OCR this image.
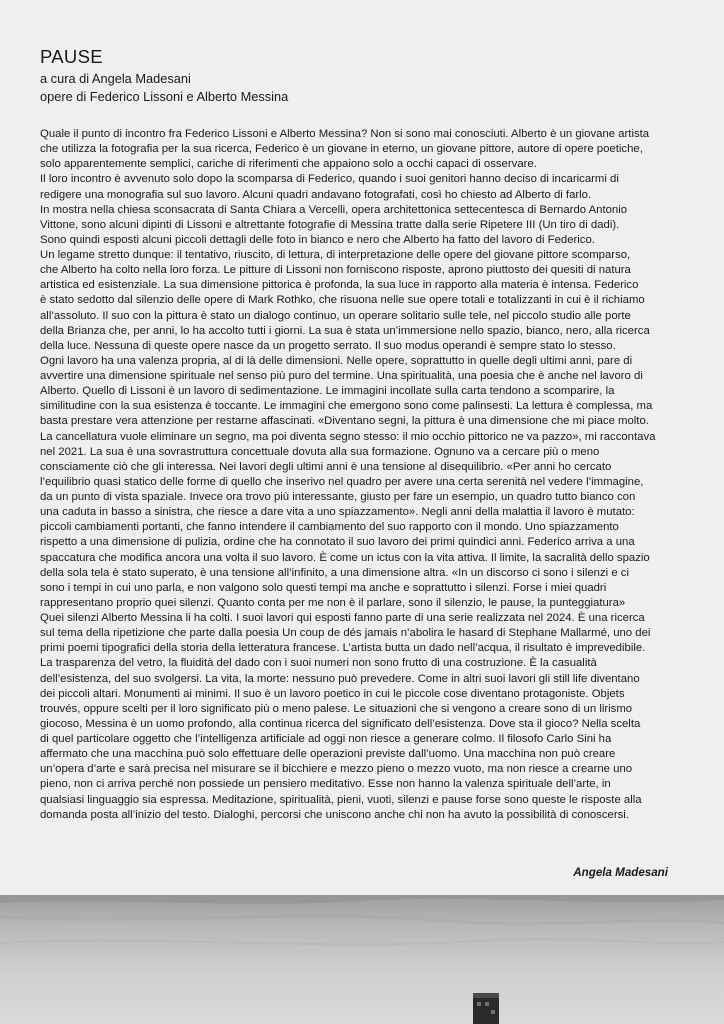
PAUSE
a cura di Angela Madesani
opere di Federico Lissoni e Alberto Messina

Quale il punto di incontro fra Federico Lissoni e Alberto Messina? Non si sono mai conosciuti. Alberto è un giovane artista

che utilizza la fotografia per la sua ricerca, Federico è un giovane in eterno, un giovane pittore, autore di opere poetiche,

solo apparentemente semplici, cariche di riferimenti che appaiono solo a occhi capaci di osservare.

Il loro incontro è avvenuto solo dopo la scomparsa di Federico, quando i suoi genitori hanno deciso di incaricarmi di

redigere una monografia sul suo lavoro. Alcuni quadri andavano fotografati, così ho chiesto ad Alberto di farlo.

In mostra nella chiesa sconsacrata di Santa Chiara a Vercelli, opera architettonica settecentesca di Bernardo Antonio

Vittone, sono alcuni dipinti di Lissoni e altrettante fotografie di Messina tratte dalla serie Ripetere III (Un tiro di dadi).

Sono quindi esposti alcuni piccoli dettagli delle foto in bianco e nero che Alberto ha fatto del lavoro di Federico.

Un legame stretto dunque: il tentativo, riuscito, di lettura, di interpretazione delle opere del giovane pittore scomparso,

che Alberto ha colto nella loro forza. Le pitture di Lissoni non forniscono risposte, aprono piuttosto dei quesiti di natura

artistica ed esistenziale. La sua dimensione pittorica è profonda, la sua luce in rapporto alla materia è intensa. Federico

è stato sedotto dal silenzio delle opere di Mark Rothko, che risuona nelle sue opere totali e totalizzanti in cui è il richiamo

all’assoluto. Il suo con la pittura è stato un dialogo continuo, un operare solitario sulle tele, nel piccolo studio alle porte

della Brianza che, per anni, lo ha accolto tutti i giorni. La sua è stata un’immersione nello spazio, bianco, nero, alla ricerca

della luce. Nessuna di queste opere nasce da un progetto serrato. Il suo modus operandi è sempre stato lo stesso.

Ogni lavoro ha una valenza propria, al di là delle dimensioni. Nelle opere, soprattutto in quelle degli ultimi anni, pare di

avvertire una dimensione spirituale nel senso più puro del termine. Una spiritualità, una poesia che è anche nel lavoro di

Alberto. Quello di Lissoni è un lavoro di sedimentazione. Le immagini incollate sulla carta tendono a scomparire, la

similitudine con la sua esistenza è toccante. Le immagini che emergono sono come palinsesti. La lettura è complessa, ma

basta prestare vera attenzione per restarne affascinati. «Diventano segni, la pittura è una dimensione che mi piace molto.

La cancellatura vuole eliminare un segno, ma poi diventa segno stesso: il mio occhio pittorico ne va pazzo», mi raccontava

nel 2021. La sua è una sovrastruttura concettuale dovuta alla sua formazione. Ognuno va a cercare più o meno

consciamente ciò che gli interessa. Nei lavori degli ultimi anni è una tensione al disequilibrio. «Per anni ho cercato

l’equilibrio quasi statico delle forme di quello che inserivo nel quadro per avere una certa serenità nel vedere l’immagine,

da un punto di vista spaziale. Invece ora trovo più interessante, giusto per fare un esempio, un quadro tutto bianco con

una caduta in basso a sinistra, che riesce a dare vita a uno spiazzamento». Negli anni della malattia il lavoro è mutato:

piccoli cambiamenti portanti, che fanno intendere il cambiamento del suo rapporto con il mondo. Uno spiazzamento

rispetto a una dimensione di pulizia, ordine che ha connotato il suo lavoro dei primi quindici anni. Federico arriva a una

spaccatura che modifica ancora una volta il suo lavoro. È come un ictus con la vita attiva. Il limite, la sacralità dello spazio

della sola tela è stato superato, è una tensione all’infinito, a una dimensione altra. «In un discorso ci sono i silenzi e ci

sono i tempi in cui uno parla, e non valgono solo questi tempi ma anche e soprattutto i silenzi. Forse i miei quadri

rappresentano proprio quei silenzi. Quanto conta per me non è il parlare, sono il silenzio, le pause, la punteggiatura»

Quei silenzi Alberto Messina li ha colti. I suoi lavori qui esposti fanno parte di una serie realizzata nel 2024. È una ricerca

sul tema della ripetizione che parte dalla poesia Un coup de dés jamais n’abolira le hasard di Stephane Mallarmé, uno dei

primi poemi tipografici della storia della letteratura francese. L’artista butta un dado nell’acqua, il risultato è imprevedibile.

La trasparenza del vetro, la fluidità del dado con i suoi numeri non sono frutto di una costruzione. È la casualità

dell’esistenza, del suo svolgersi. La vita, la morte: nessuno può prevedere. Come in altri suoi lavori gli still life diventano

dei piccoli altari. Monumenti ai minimi. Il suo è un lavoro poetico in cui le piccole cose diventano protagoniste. Objets

trouvés, oppure scelti per il loro significato più o meno palese. Le situazioni che si vengono a creare sono di un lirismo

giocoso, Messina è un uomo profondo, alla continua ricerca del significato dell’esistenza. Dove sta il gioco? Nella scelta

di quel particolare oggetto che l’intelligenza artificiale ad oggi non riesce a generare colmo. Il filosofo Carlo Sini ha

affermato che una macchina può solo effettuare delle operazioni previste dall’uomo. Una macchina non può creare

un’opera d’arte e sarà precisa nel misurare se il bicchiere e mezzo pieno o mezzo vuoto, ma non riesce a crearne uno

pieno, non ci arriva perché non possiede un pensiero meditativo. Esse non hanno la valenza spirituale dell’arte, in

qualsiasi linguaggio sia espressa. Meditazione, spiritualità, pieni, vuoti, silenzi e pause forse sono queste le risposte alla

domanda posta all’inizio del testo. Dialoghi, percorsi che uniscono anche chi non ha avuto la possibilità di conoscersi.

Angela Madesani
